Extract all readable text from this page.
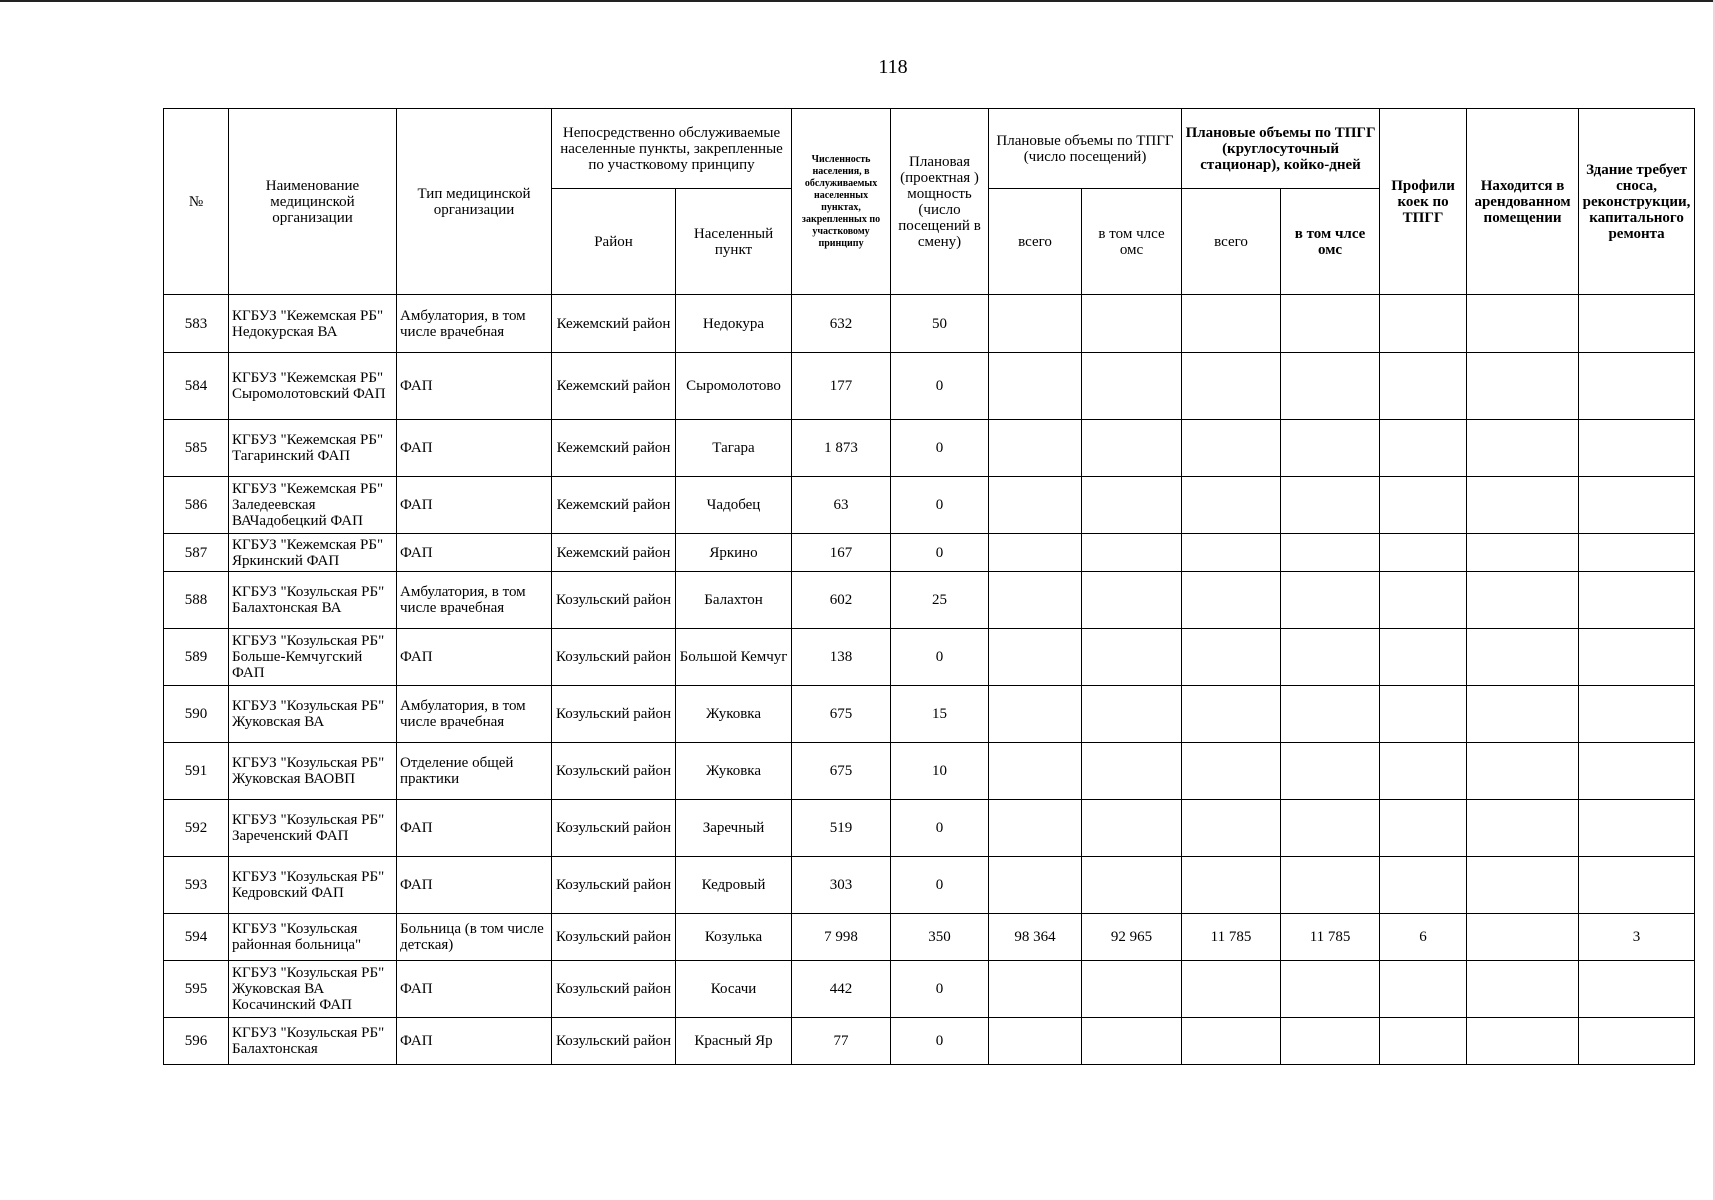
118
№	Наименование медицинской организации	Тип медицинской организации	Непосредственно обслуживаемые населенные пункты, закрепленные по участковому принципу		Численность населения, в обслуживаемых населенных пунктах, закрепленных по участковому принципу	Плановая (проектная ) мощность (число посещений в смену)	Плановые объемы по ТПГГ (число посещений)		Плановые объемы по ТПГГ (круглосуточный стационар), койко-дней		Профили коек по ТПГГ	Находится в арендованном помещении	Здание требует сноса, реконструкции, капитального ремонта
			Район	Населенный пункт			всего	в том члсе омс	всего	в том члсе омс			
583	КГБУЗ "Кежемская РБ" Недокурская ВА	Амбулатория, в том числе врачебная	Кежемский район	Недокура	632	50							
584	КГБУЗ "Кежемская РБ" Сыромолотовский ФАП	ФАП	Кежемский район	Сыромолотово	177	0							
585	КГБУЗ "Кежемская РБ" Тагаринский ФАП	ФАП	Кежемский район	Тагара	1 873	0							
586	КГБУЗ "Кежемская РБ" Заледеевская ВАЧадобецкий ФАП	ФАП	Кежемский район	Чадобец	63	0							
587	КГБУЗ "Кежемская РБ" Яркинский ФАП	ФАП	Кежемский район	Яркино	167	0							
588	КГБУЗ "Козульская РБ" Балахтонская ВА	Амбулатория, в том числе врачебная	Козульский район	Балахтон	602	25							
589	КГБУЗ "Козульская РБ" Больше-Кемчугский ФАП	ФАП	Козульский район	Большой Кемчуг	138	0							
590	КГБУЗ "Козульская РБ" Жуковская ВА	Амбулатория, в том числе врачебная	Козульский район	Жуковка	675	15							
591	КГБУЗ "Козульская РБ" Жуковская ВАОВП	Отделение общей практики	Козульский район	Жуковка	675	10							
592	КГБУЗ "Козульская РБ" Зареченский ФАП	ФАП	Козульский район	Заречный	519	0							
593	КГБУЗ "Козульская РБ" Кедровский ФАП	ФАП	Козульский район	Кедровый	303	0							
594	КГБУЗ "Козульская районная больница"	Больница (в том числе детская)	Козульский район	Козулька	7 998	350	98 364	92 965	11 785	11 785	6		3
595	КГБУЗ "Козульская РБ" Жуковская ВА Косачинский ФАП	ФАП	Козульский район	Косачи	442	0							
596	КГБУЗ "Козульская РБ" Балахтонская	ФАП	Козульский район	Красный Яр	77	0							
